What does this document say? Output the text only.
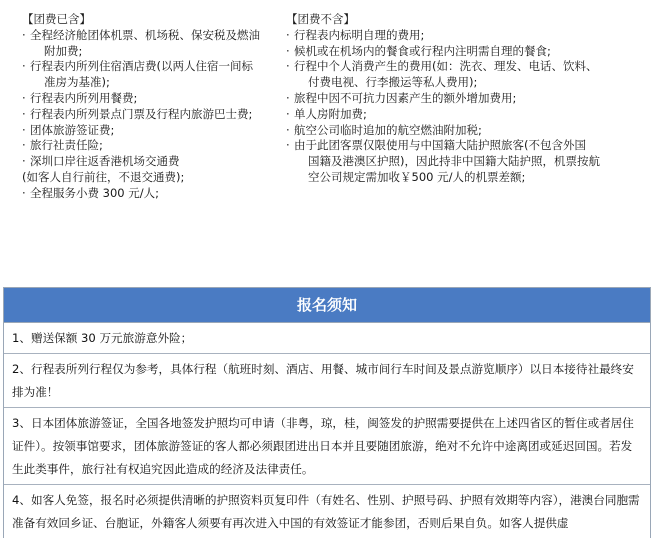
【团费已含】
· 全程经济舱团体机票、机场税、保安税及燃油
附加费;
· 行程表内所列住宿酒店费(以两人住宿一间标
准房为基准);
· 行程表内所列用餐费;
· 行程表内所列景点门票及行程内旅游巴士费;
· 团体旅游签证费;
· 旅行社责任险;
· 深圳口岸往返香港机场交通费
(如客人自行前往，不退交通费);
· 全程服务小费 300 元/人;
【团费不含】
· 行程表内标明自理的费用;
· 候机或在机场内的餐食或行程内注明需自理的餐食;
· 行程中个人消费产生的费用(如：洗衣、理发、电话、饮料、
付费电视、行李搬运等私人费用);
· 旅程中因不可抗力因素产生的额外增加费用;
· 单人房附加费;
· 航空公司临时追加的航空燃油附加税;
· 由于此团客票仅限使用与中国籍大陆护照旅客(不包含外国
国籍及港澳区护照)，因此持非中国籍大陆护照，机票按航
空公司规定需加收￥500 元/人的机票差额;
报名须知
1、赠送保额 30 万元旅游意外险；
2、行程表所列行程仅为参考，具体行程（航班时刻、酒店、用餐、城市间行车时间及景点游览顺序）以日本接待社最终安排为准！
3、日本团体旅游签证，全国各地签发护照均可申请（非粤，琼，桂，闽签发的护照需要提供在上述四省区的暂住或者居住证件）。按领事馆要求，团体旅游签证的客人都必须跟团进出日本并且要随团旅游，绝对不允许中途离团或延迟回国。若发生此类事件，旅行社有权追究因此造成的经济及法律责任。
4、如客人免签，报名时必须提供清晰的护照资料页复印件（有姓名、性别、护照号码、护照有效期等内容），港澳台同胞需准备有效回乡证、台胞证，外籍客人须要有再次进入中国的有效签证才能参团，否则后果自负。如客人提供虚
